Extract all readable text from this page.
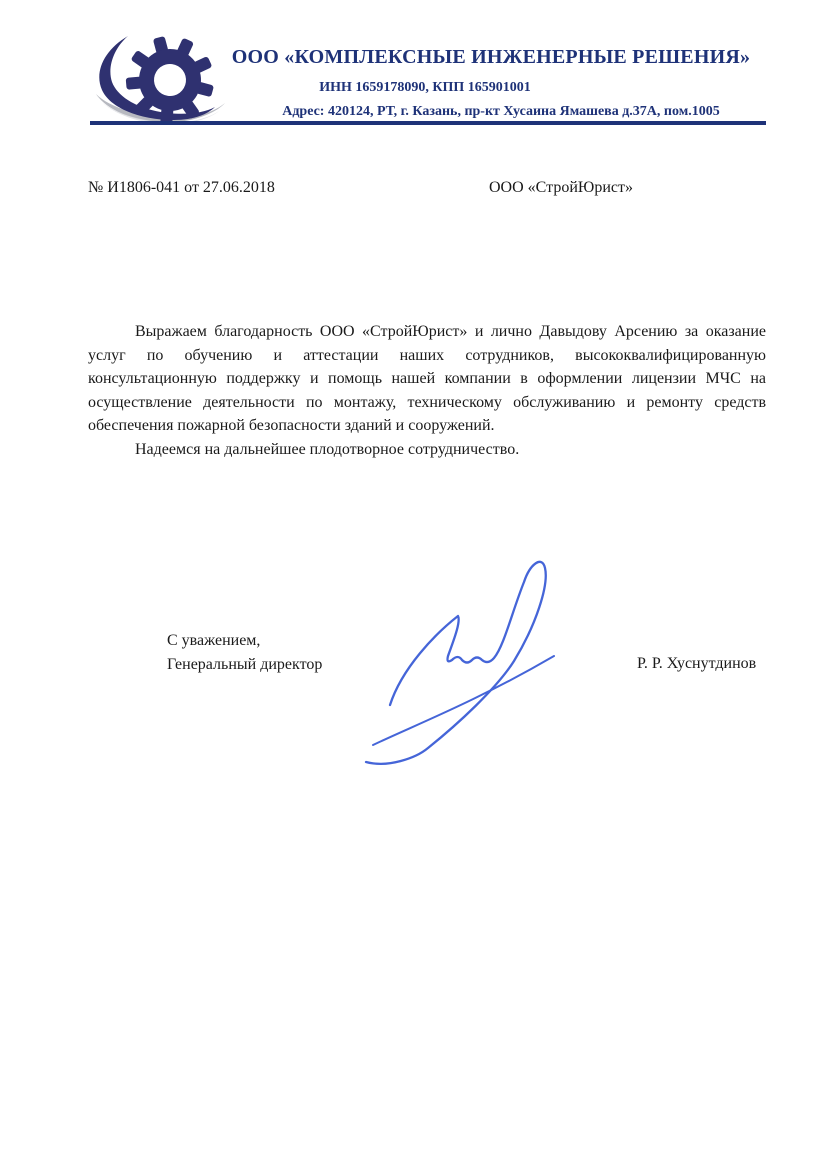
ООО «КОМПЛЕКСНЫЕ ИНЖЕНЕРНЫЕ РЕШЕНИЯ»
ИНН 1659178090, КПП 165901001
Адрес: 420124, РТ, г. Казань, пр-кт Хусаина Ямашева д.37А, пом.1005
№ И1806-041 от 27.06.2018	ООО «СтройЮрист»

Выражаем благодарность ООО «СтройЮрист» и лично Давыдову Арсению за оказание услуг по обучению и аттестации наших сотрудников, высококвалифицированную консультационную поддержку и помощь нашей компании в оформлении лицензии МЧС на осуществление деятельности по монтажу, техническому обслуживанию и ремонту средств обеспечения пожарной безопасности зданий и сооружений.

Надеемся на дальнейшее плодотворное сотрудничество.

С уважением,
Генеральный директор	Р. Р. Хуснутдинов
